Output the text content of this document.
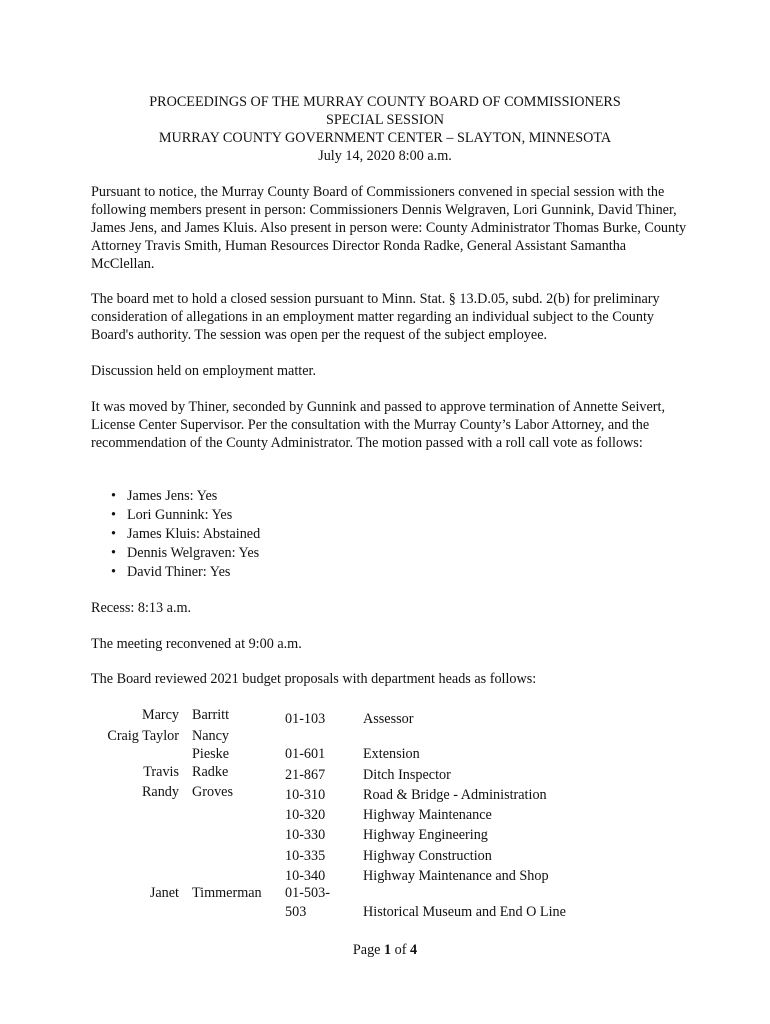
PROCEEDINGS OF THE MURRAY COUNTY BOARD OF COMMISSIONERS
SPECIAL SESSION
MURRAY COUNTY GOVERNMENT CENTER – SLAYTON, MINNESOTA
July 14, 2020 8:00 a.m.

Pursuant to notice, the Murray County Board of Commissioners convened in special session with the following members present in person: Commissioners Dennis Welgraven, Lori Gunnink, David Thiner, James Jens, and James Kluis. Also present in person were: County Administrator Thomas Burke, County Attorney Travis Smith, Human Resources Director Ronda Radke, General Assistant Samantha McClellan.

The board met to hold a closed session pursuant to Minn. Stat. § 13.D.05, subd. 2(b) for preliminary consideration of allegations in an employment matter regarding an individual subject to the County Board's authority. The session was open per the request of the subject employee.

Discussion held on employment matter.

It was moved by Thiner, seconded by Gunnink and passed to approve termination of Annette Seivert, License Center Supervisor. Per the consultation with the Murray County’s Labor Attorney, and the recommendation of the County Administrator. The motion passed with a roll call vote as follows:

• James Jens: Yes
• Lori Gunnink: Yes
• James Kluis: Abstained
• Dennis Welgraven: Yes
• David Thiner: Yes

Recess: 8:13 a.m.

The meeting reconvened at 9:00 a.m.

The Board reviewed 2021 budget proposals with department heads as follows:

Marcy
Craig Taylor
Travis
Randy
Janet
Barritt
Nancy
Pieske
Radke
Groves
Timmerman
01-103
01-601
21-867
10-310
10-320
10-330
10-335
10-340
01-503-
503
Assessor
Extension
Ditch Inspector
Road & Bridge - Administration
Highway Maintenance
Highway Engineering
Highway Construction
Highway Maintenance and Shop
Historical Museum and End O Line
Page 1 of 4
